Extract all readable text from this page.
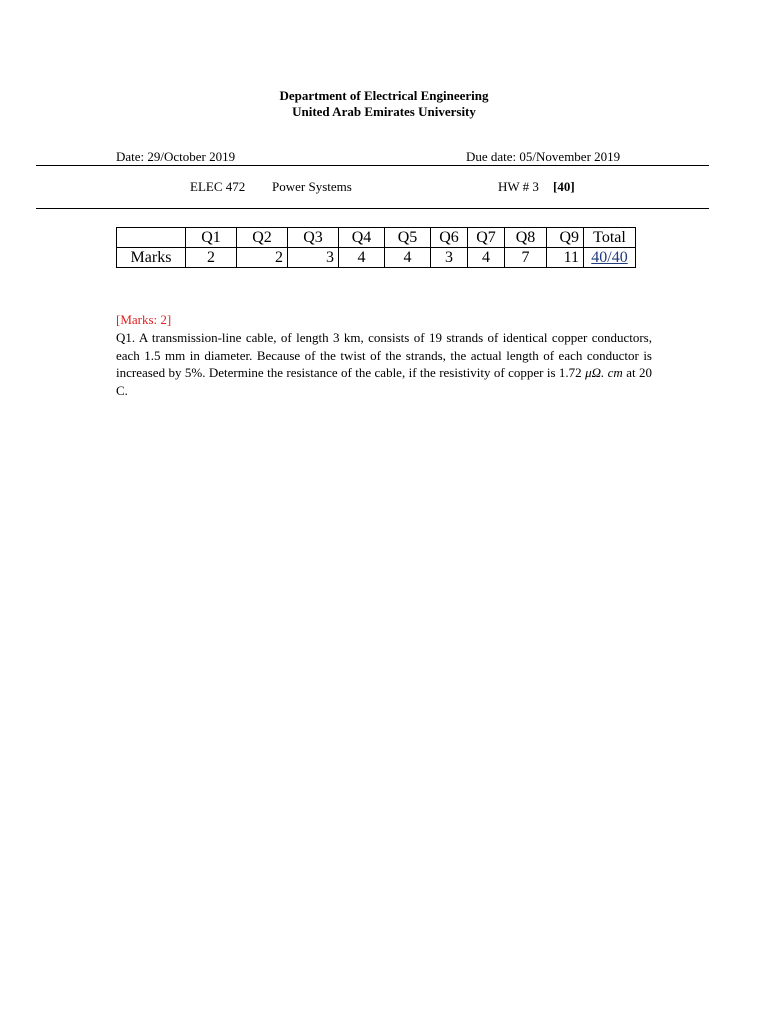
Department of Electrical Engineering
United Arab Emirates University
Date: 29/October 2019	Due date: 05/November 2019
ELEC 472 Power Systems	HW # 3 [40]
	Q1	Q2	Q3	Q4	Q5	Q6	Q7	Q8	Q9	Total
Marks	2	2	3	4	4	3	4	7	11	40/40
[Marks: 2]
Q1. A transmission-line cable, of length 3 km, consists of 19 strands of identical copper conductors, each 1.5 mm in diameter. Because of the twist of the strands, the actual length of each conductor is increased by 5%. Determine the resistance of the cable, if the resistivity of copper is 1.72 μΩ. cm at 20 C.
